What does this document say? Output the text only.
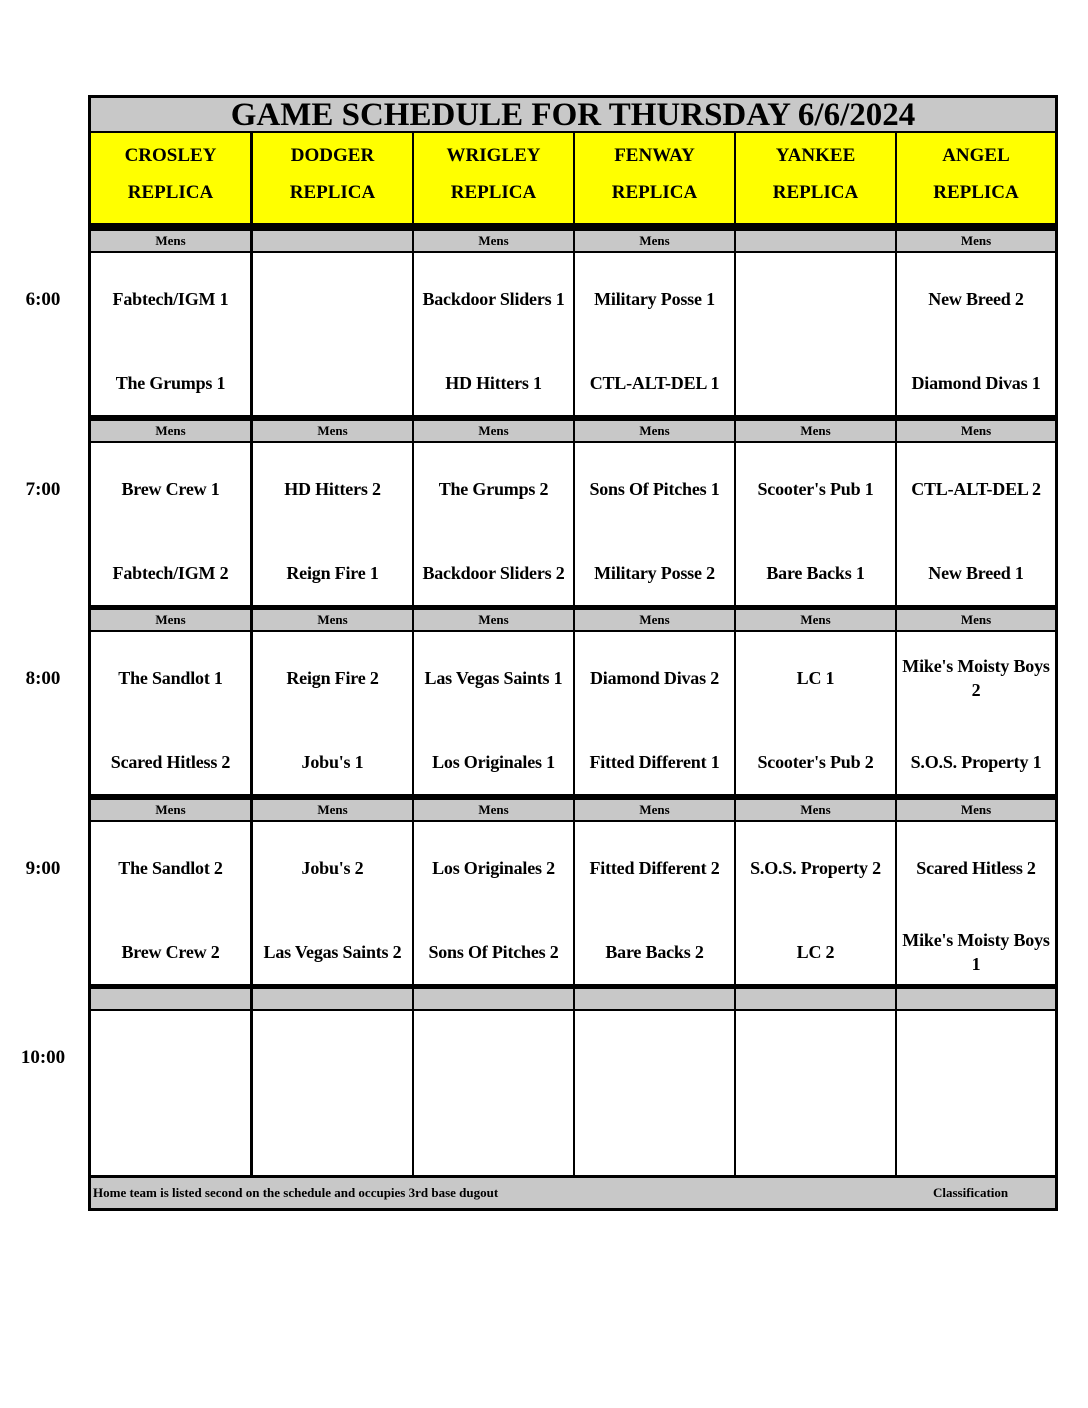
6:00
7:00
8:00
9:00
10:00
GAME SCHEDULE FOR THURSDAY 6/6/2024
CROSLEY
REPLICA
DODGER
REPLICA
WRIGLEY
REPLICA
FENWAY
REPLICA
YANKEE
REPLICA
ANGEL
REPLICA
Mens
Fabtech/IGM 1
The Grumps 1
Mens
Backdoor Sliders 1
HD Hitters 1
Mens
Military Posse 1
CTL-ALT-DEL 1
Mens
New Breed 2
Diamond Divas 1
Mens
Brew Crew 1
Fabtech/IGM 2
Mens
HD Hitters 2
Reign Fire 1
Mens
The Grumps 2
Backdoor Sliders 2
Mens
Sons Of Pitches 1
Military Posse 2
Mens
Scooter's Pub 1
Bare Backs 1
Mens
CTL-ALT-DEL 2
New Breed 1
Mens
The Sandlot 1
Scared Hitless 2
Mens
Reign Fire 2
Jobu's 1
Mens
Las Vegas Saints 1
Los Originales 1
Mens
Diamond Divas 2
Fitted Different 1
Mens
LC 1
Scooter's Pub 2
Mens
Mike's Moisty Boys 2
S.O.S. Property 1
Mens
The Sandlot 2
Brew Crew 2
Mens
Jobu's 2
Las Vegas Saints 2
Mens
Los Originales 2
Sons Of Pitches 2
Mens
Fitted Different 2
Bare Backs 2
Mens
S.O.S. Property 2
LC 2
Mens
Scared Hitless 2
Mike's Moisty Boys 1
Home team is listed second on the schedule and occupies 3rd base dugout	Classification
